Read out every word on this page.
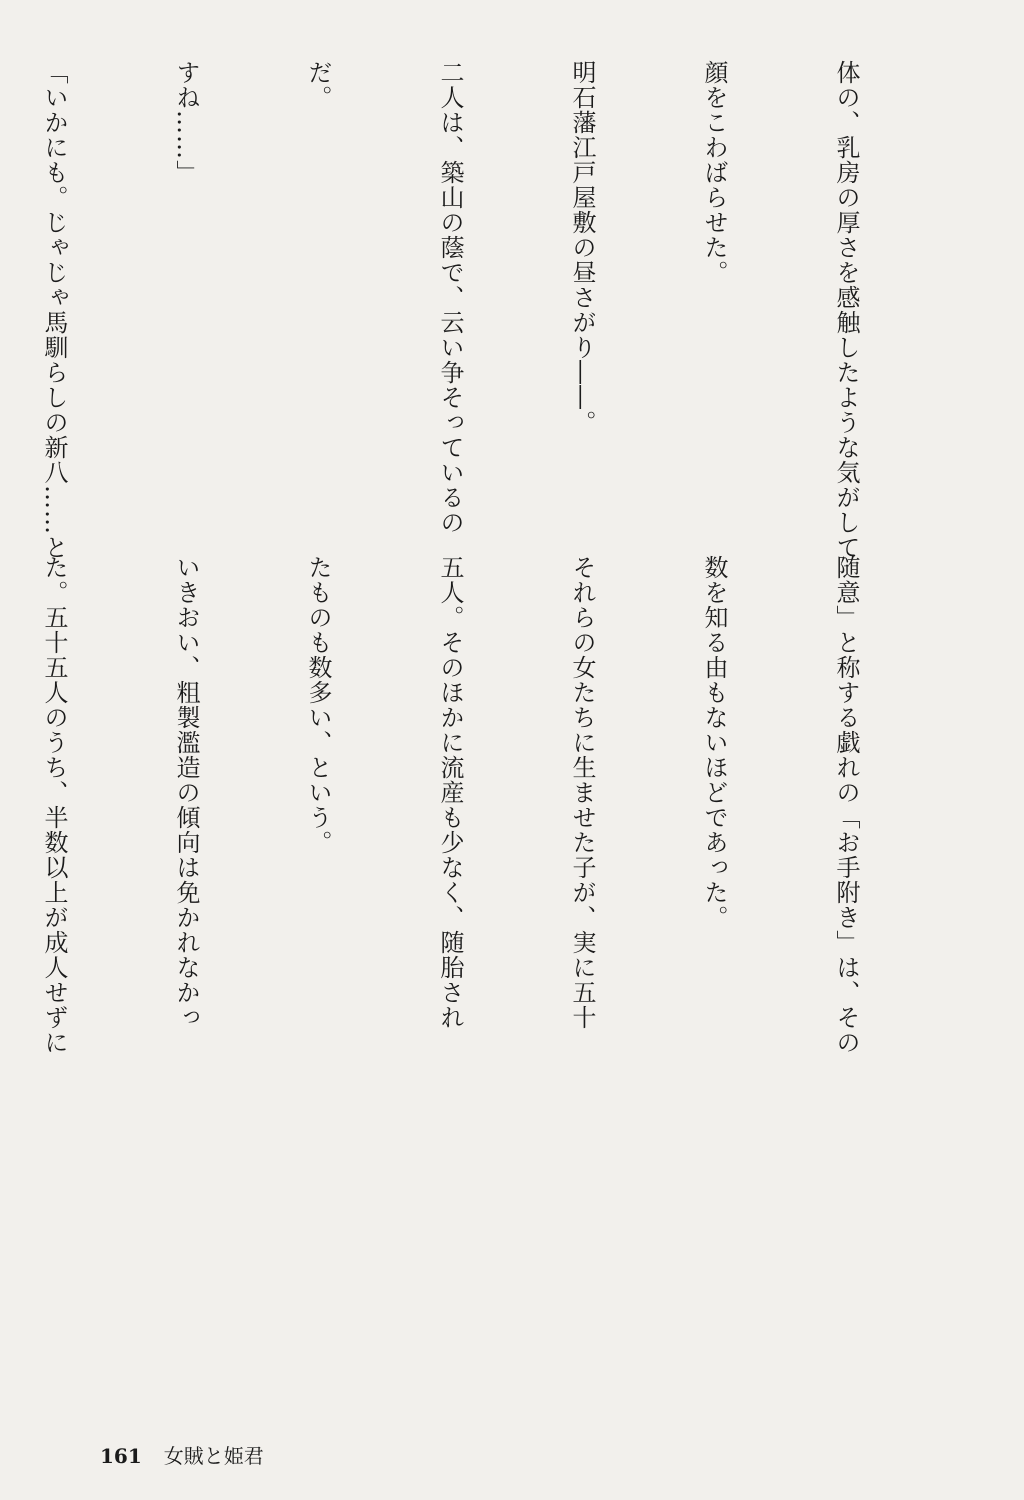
体の、乳房の厚さを感触したような気がして

顔をこわばらせた。

明石藩江戸屋敷の昼さがり――。

二人は、築山の蔭で、云い争そっているの

だ。

すね……」

「いかにも。じゃじゃ馬馴らしの新八……と

随意」と称する戯れの「お手附き」は、その

数を知る由もないほどであった。

それらの女たちに生ませた子が、実に五十

五人。そのほかに流産も少なく、随胎され

たものも数多い、という。

いきおい、粗製濫造の傾向は免かれなかっ

た。五十五人のうち、半数以上が成人せずに

161 女賊と姫君
